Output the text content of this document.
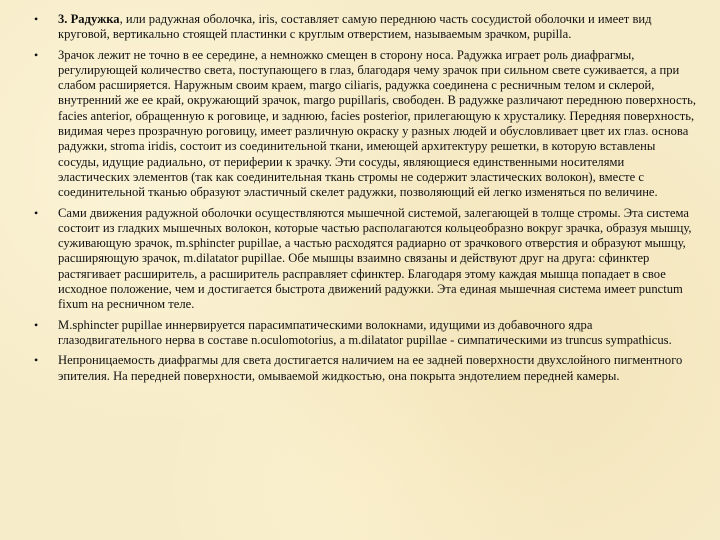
• 3. Радужка, или радужная оболочка, iris, составляет самую переднюю часть сосудистой оболочки и имеет вид круговой, вертикально стоящей пластинки с круглым отверстием, называемым зрачком, pupilla.
• Зрачок лежит не точно в ее середине, а немножко смещен в сторону носа. Радужка играет роль диафрагмы, регулирующей количество света, поступающего в глаз, благодаря чему зрачок при сильном свете суживается, а при слабом расширяется. Наружным своим краем, margo ciliaris, радужка соединена с ресничным телом и склерой, внутренний же ее край, окружающий зрачок, margo pupillaris, свободен. В радужке различают переднюю поверхность, facies anterior, обращенную к роговице, и заднюю, facies posterior, прилегающую к хрусталику. Передняя поверхность, видимая через прозрачную роговицу, имеет различную окраску у разных людей и обусловливает цвет их глаз. основа радужки, stroma iridis, состоит из соединительной ткани, имеющей архитектуру решетки, в которую вставлены сосуды, идущие радиально, от периферии к зрачку. Эти сосуды, являющиеся единственными носителями эластических элементов (так как соединительная ткань стромы не содержит эластических волокон), вместе с соединительной тканью образуют эластичный скелет радужки, позволяющий ей легко изменяться по величине.
• Сами движения радужной оболочки осуществляются мышечной системой, залегающей в толще стромы. Эта система состоит из гладких мышечных волокон, которые частью располагаются кольцеобразно вокруг зрачка, образуя мышцу, суживающую зрачок, m.sphincter pupillae, а частью расходятся радиарно от зрачкового отверстия и образуют мышцу, расширяющую зрачок, m.dilatator pupillae. Обе мышцы взаимно связаны и действуют друг на друга: сфинктер растягивает расширитель, а расширитель расправляет сфинктер. Благодаря этому каждая мышца попадает в свое исходное положение, чем и достигается быстрота движений радужки. Эта единая мышечная система имеет punctum fixum на ресничном теле.
• M.sphincter pupillae иннервируется парасимпатическими волокнами, идущими из добавочного ядра глазодвигательного нерва в составе n.oculomotorius, а m.dilatator pupillae - симпатическими из truncus sympathicus.
• Непроницаемость диафрагмы для света достигается наличием на ее задней поверхности двухслойного пигментного эпителия. На передней поверхности, омываемой жидкостью, она покрыта эндотелием передней камеры.
